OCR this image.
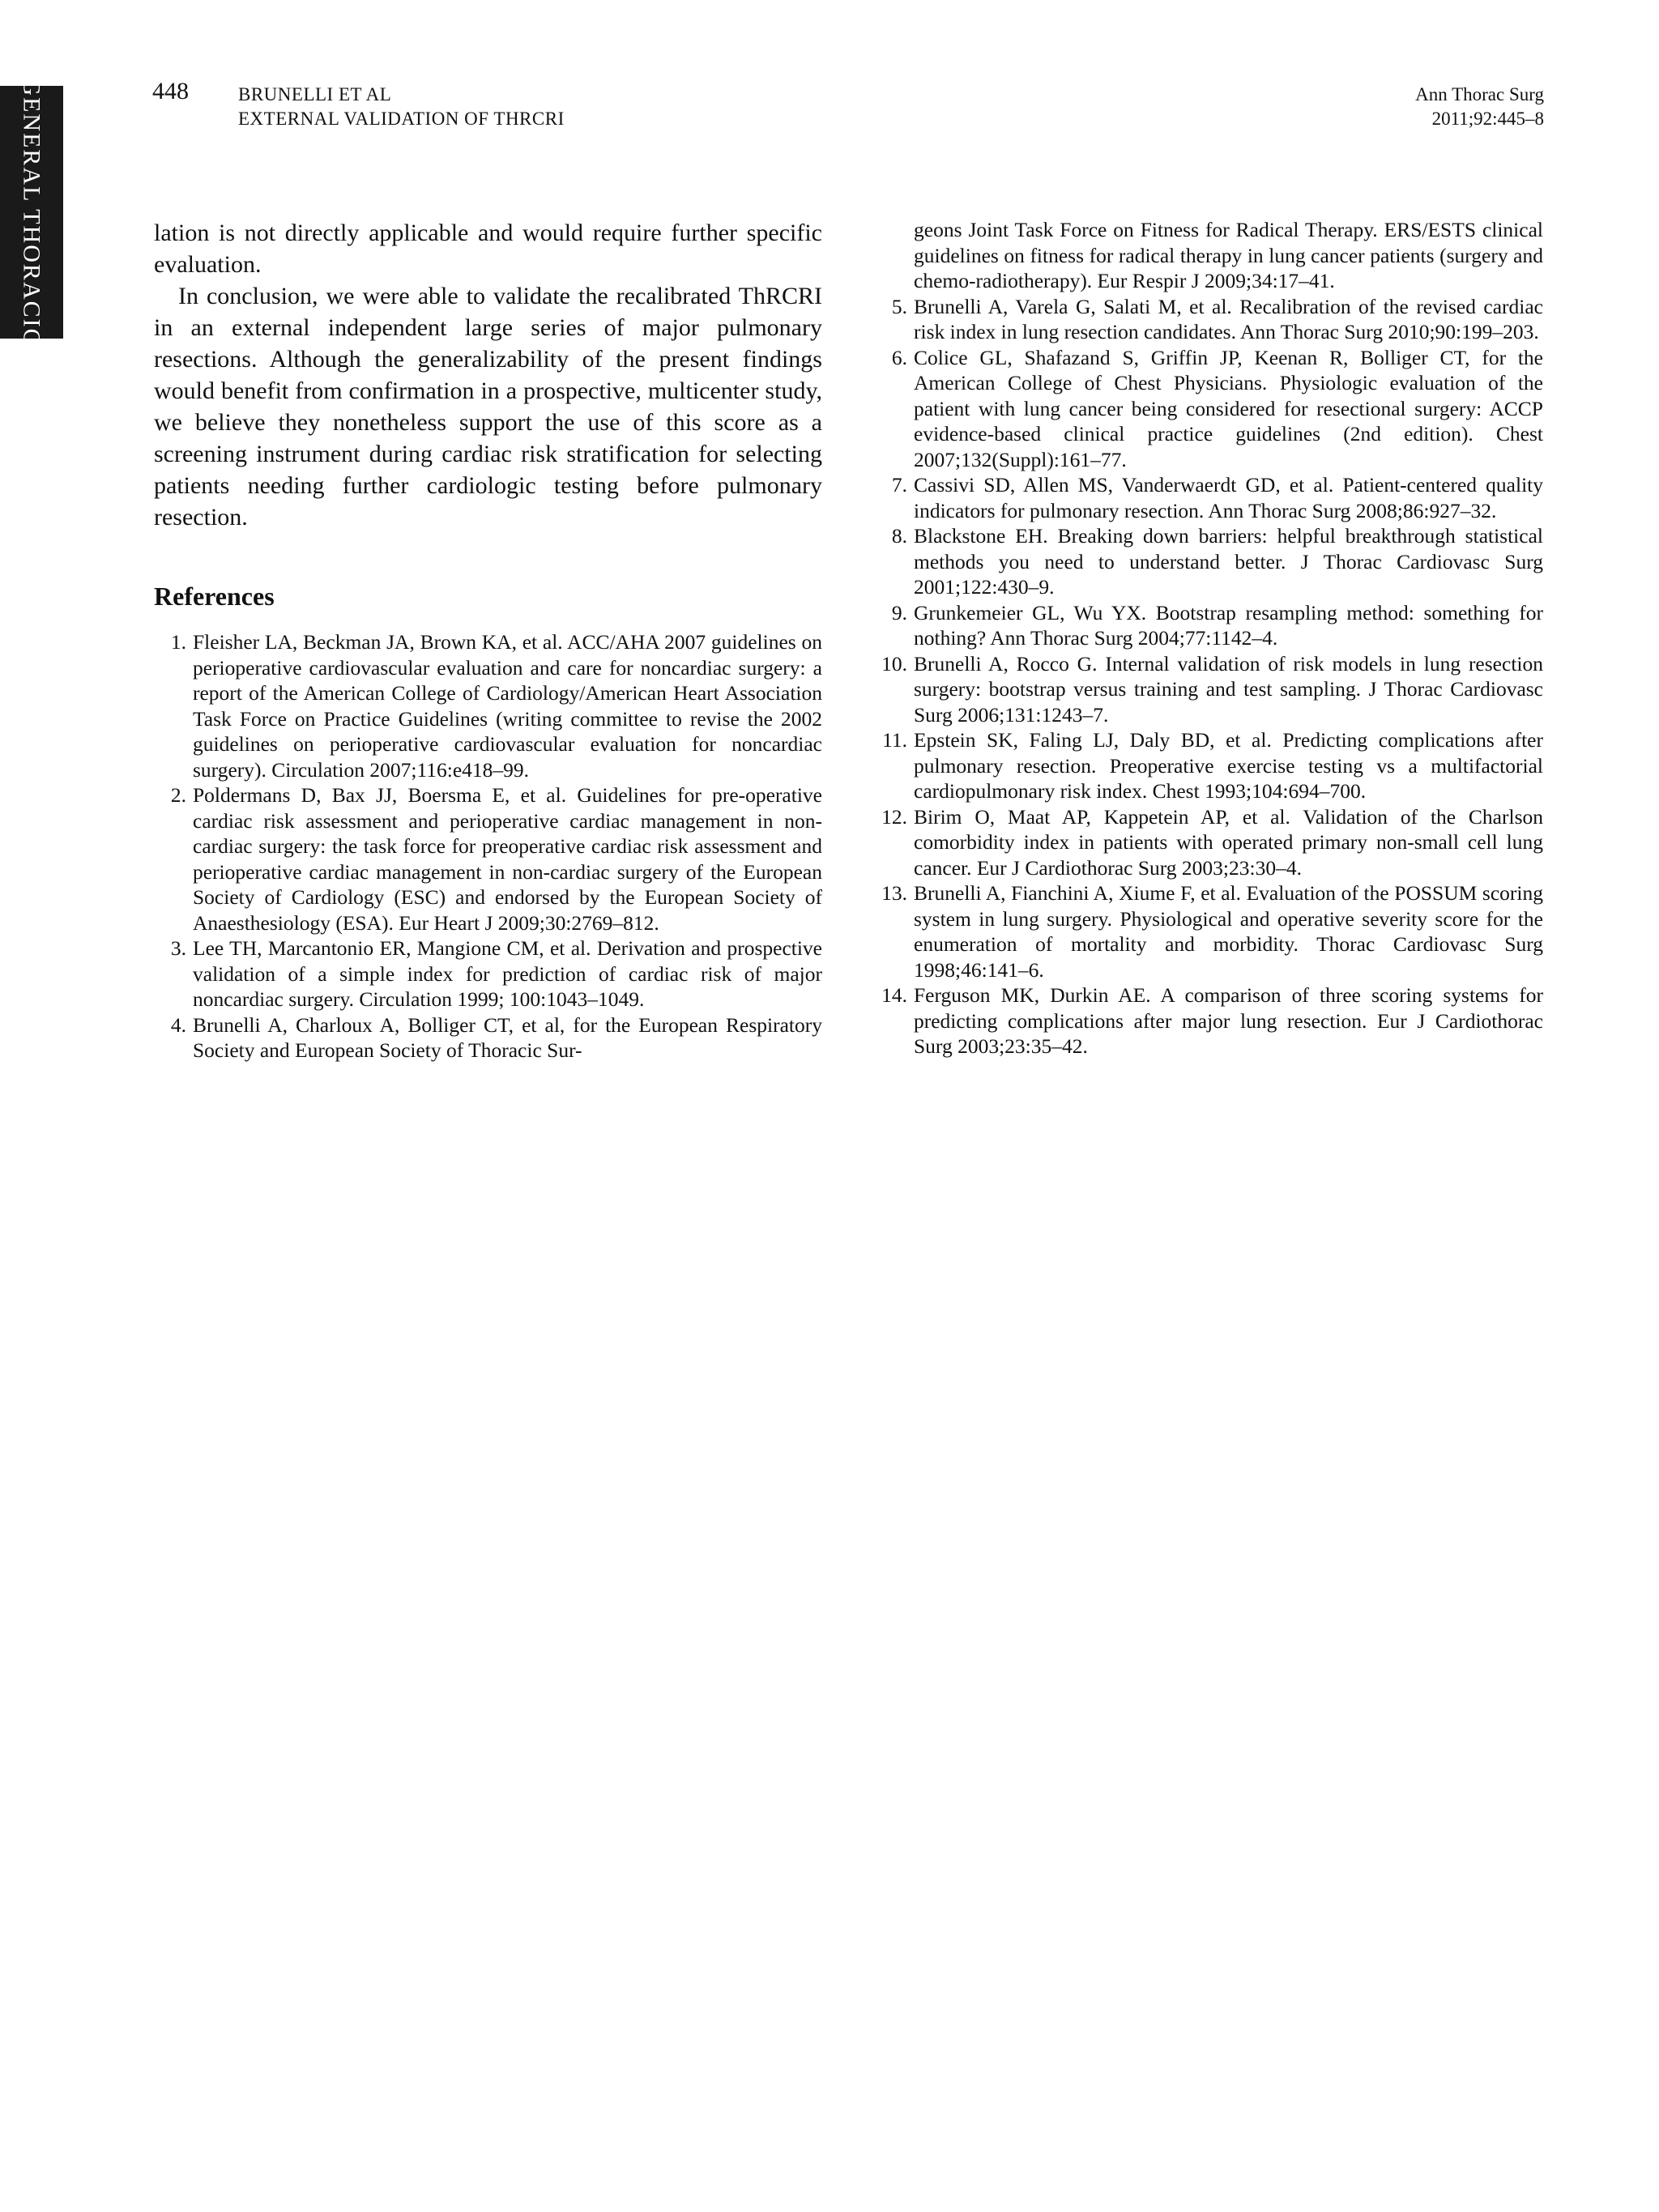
GENERAL THORACIC	448	BRUNELLI ET AL
EXTERNAL VALIDATION OF THRCRI
Ann Thorac Surg
2011;92:445–8

lation is not directly applicable and would require further specific evaluation.

In conclusion, we were able to validate the recalibrated ThRCRI in an external independent large series of major pulmonary resections. Although the generalizability of the present findings would benefit from confirmation in a prospective, multicenter study, we believe they nonetheless support the use of this score as a screening instrument during cardiac risk stratification for selecting patients needing further cardiologic testing before pulmonary resection.

References
1. Fleisher LA, Beckman JA, Brown KA, et al. ACC/AHA 2007 guidelines on perioperative cardiovascular evaluation and care for noncardiac surgery: a report of the American College of Cardiology/American Heart Association Task Force on Practice Guidelines (writing committee to revise the 2002 guidelines on perioperative cardiovascular evaluation for noncardiac surgery). Circulation 2007;116:e418–99.
2. Poldermans D, Bax JJ, Boersma E, et al. Guidelines for pre-operative cardiac risk assessment and perioperative cardiac management in non-cardiac surgery: the task force for preoperative cardiac risk assessment and perioperative cardiac management in non-cardiac surgery of the European Society of Cardiology (ESC) and endorsed by the European Society of Anaesthesiology (ESA). Eur Heart J 2009;30:2769–812.
3. Lee TH, Marcantonio ER, Mangione CM, et al. Derivation and prospective validation of a simple index for prediction of cardiac risk of major noncardiac surgery. Circulation 1999; 100:1043–1049.
4. Brunelli A, Charloux A, Bolliger CT, et al, for the European Respiratory Society and European Society of Thoracic Sur-
geons Joint Task Force on Fitness for Radical Therapy. ERS/ESTS clinical guidelines on fitness for radical therapy in lung cancer patients (surgery and chemo-radiotherapy). Eur Respir J 2009;34:17–41.
5. Brunelli A, Varela G, Salati M, et al. Recalibration of the revised cardiac risk index in lung resection candidates. Ann Thorac Surg 2010;90:199–203.
6. Colice GL, Shafazand S, Griffin JP, Keenan R, Bolliger CT, for the American College of Chest Physicians. Physiologic evaluation of the patient with lung cancer being considered for resectional surgery: ACCP evidence-based clinical practice guidelines (2nd edition). Chest 2007;132(Suppl):161–77.
7. Cassivi SD, Allen MS, Vanderwaerdt GD, et al. Patient-centered quality indicators for pulmonary resection. Ann Thorac Surg 2008;86:927–32.
8. Blackstone EH. Breaking down barriers: helpful breakthrough statistical methods you need to understand better. J Thorac Cardiovasc Surg 2001;122:430–9.
9. Grunkemeier GL, Wu YX. Bootstrap resampling method: something for nothing? Ann Thorac Surg 2004;77:1142–4.
10. Brunelli A, Rocco G. Internal validation of risk models in lung resection surgery: bootstrap versus training and test sampling. J Thorac Cardiovasc Surg 2006;131:1243–7.
11. Epstein SK, Faling LJ, Daly BD, et al. Predicting complications after pulmonary resection. Preoperative exercise testing vs a multifactorial cardiopulmonary risk index. Chest 1993;104:694–700.
12. Birim O, Maat AP, Kappetein AP, et al. Validation of the Charlson comorbidity index in patients with operated primary non-small cell lung cancer. Eur J Cardiothorac Surg 2003;23:30–4.
13. Brunelli A, Fianchini A, Xiume F, et al. Evaluation of the POSSUM scoring system in lung surgery. Physiological and operative severity score for the enumeration of mortality and morbidity. Thorac Cardiovasc Surg 1998;46:141–6.
14. Ferguson MK, Durkin AE. A comparison of three scoring systems for predicting complications after major lung resection. Eur J Cardiothorac Surg 2003;23:35–42.
